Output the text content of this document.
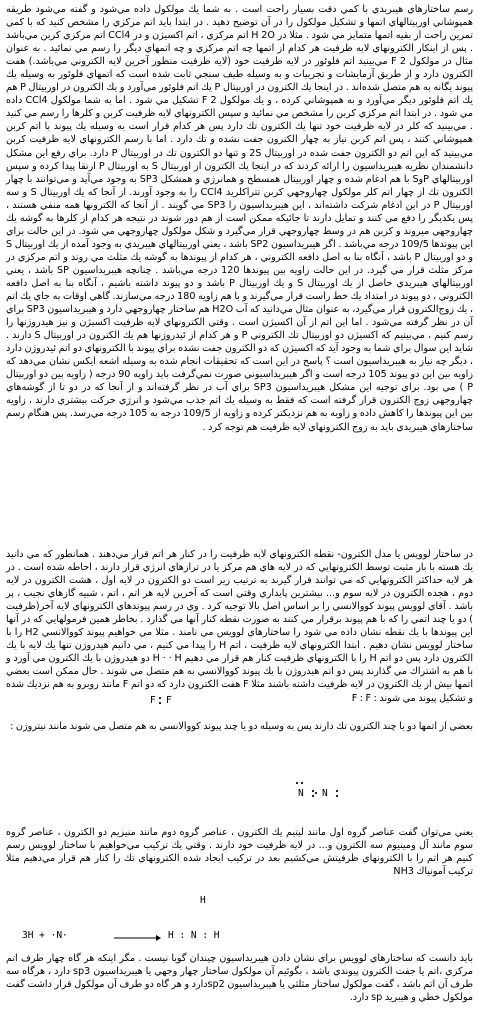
رسم ساختارهاي هيبريدي با كمي دقت بسيار راحت است . به شما يك مولكول داده مي‌شود و گفته مي‌شود طريقه همپوشاني اوربيتالهاي اتمها و تشكيل مولكول را در آن توضيح دهيد . در ابتدا بايد اتم مركزي را مشخص كنيد كه با كمي تمرين راحت از بقيه اتمها متمايز مي شود . مثلا در H 2O اتم مركزي ، اتم اكسيژن و در CCl4 اتم مركزي كربن مي‌باشد . پس از اينكار الكترونهاي لايه ظرفيت هر كدام از اتمها چه اتم مركزي و چه اتمهاي ديگر را رسم مي نمائيد . به عنوان مثال در مولكول F 2 مي‌بينيد اتم فلوئور در لايه ظرفيت خود (لايه ظرفيت منظور آخرين لايه الكتروني مي‌باشد.) هفت الكترون دارد و از طريق آزمايشات و تجربيات و به وسيله طيف سنجي ثابت شده است كه اتمهاي فلوئور به وسيله يك پيوند يگانه به هم متصل شده‌اند . در اينجا يك الكترون در اوربيتال P يك اتم فلوئور مي‌آورد و يك الكترون در اوربيتال P هم يك اتم فلوئور ديگر مي‌آورد و به همپوشاني كرده ، و يك مولكول F 2 تشكيل مي شود . اما به شما مولكول CCl4 داده مي شود . در ابتدا اتم مركزي كربن را مشخص مي نمائيد و سپس الكترونهاي لايه ظرفيت كربن و كلرها را رسم مي كنيد . مي‌بينيد كه كلر در لايه ظرفيت خود تنها يك الكترون تك دارد پس هر كدام قرار است به وسيله يك پيوند با اتم كربن همپوشاني كنند ، پس اتم كربن نياز به چهار الكترون جفت نشده و تك دارد . اما با رسم الكترونهاي لايه ظرفيت كربن مي‌بينيد كه اين اتم دو الكترون جفت شده در اوربيتال 2S و تنها دو الكترون تك در اوربيتال P دارد. براي رفع اين مشكل دانشمندان نظريه هيبريداسيون را ارائه كردند كه در اينجا يك الكترون از اوربيتال S به اوربيتال P ارتقا پيدا كرده و سپس اوربيتالهاي PوS با هم ادغام شده و چهار اوربيتال همسطح و همانرژي و همشكل SP3 به وجود مي‌آيد و مي‌توانند با چهار الكترون تك از چهار اتم كلر مولكول چهاروجهي كربن تتراكلريد CCl4 را به وجود آورند. از آنجا كه يك اوربيتال S و سه اوربيتال P در اين ادغام شركت داشته‌اند ، اين هيبريداسيون را SP3 مي گويند . از آنجا كه الكترونها همه منفي هستند ، پس يكديگر را دفع مي كنند و تمايل دارند تا جائيكه ممكن است از هم دور شوند در نتيجه هر كدام از كلرها به گوشه يك چهاروجهي ميروند و كربن هم در وسط چهاروجهي قرار مي‌گيرد و شكل مولكول چهاروجهي مي شود. در اين حالت براي اين پيوندها 109/5 درجه مي‌باشد . اگر هيبريداسيون SP2 باشد ، يعني اوربيتالهاي هيبريدي به وجود آمده از يك اوربيتال S و دو اوربيتال P باشد ، آنگاه بنا به اصل دافعه الكتروني ، هر كدام از پيوندها به گوشه يك مثلث مي روند و اتم مركزي در مركز مثلث قرار مي گيرد. در اين حالت زاويه بين پيوندها 120 درجه مي‌باشد . چنانچه هيبريداسيون SP باشد ، يعني اوربيتالهاي هيبريدي حاصل از يك اوربيتال S و يك اوربيتال P باشد و دو پيوند داشته باشيم ، آنگاه بنا به اصل دافعه الكتروني ، دو پيوند در امتداد يك خط راست قرار مي‌گيرند و با هم زاويه 180 درجه مي‌سازند. گاهي اوقات به جاي يك اتم ، يك زوج‌الكترون قرار مي‌گيرد، به عنوان مثال مي‌دانيد كه آب H2O هم ساختار چهاروجهي دارد و هيبريداسيون SP3 براي آن در نظر گرفته مي‌شود . اما اين اتم از آن اكسيژن است . وقتي الكترونهاي لايه ظرفيت اكسيژن و نيز هيدروژنها را رسم كنيم ، مي‌بينيم كه اكسيژن دو اوربيتال تك الكتروني P و هر كدام از ئيدروژنها هم يك الكترون در اوربيتال S دارند . شايد اين سوال براي شما به وجود آيد كه اكسيژن كه دو الكترون جفت نشده براي پيوند با الكترونهاي دو اتم ئيدروژن دارد ، ديگر چه نياز به هيبريداسيون است ؟ پاسخ در اين است كه تحقيقات انجام شده به وسيله اشعه ايكس نشان مي‌دهد كه زاويه بين اين دو پيوند 105 درجه است و اگر هيبريداسيوني صورت نمي‌گرفت بايد زاويه 90 درجه ( زاويه بين دو اوربيتال P ) مي بود. براي توجيه اين مشكل هيبريداسيون SP3 براي آب در نظر گرفته‌اند و از آنجا كه در دو تا از گوشه‌هاي چهاروجهي زوج الكترون قرار گرفته است كه فقط به وسيله يك اتم جذب مي‌شود و انرژي حركت بيشتري دارند ، زاويه بين اين پيوندها را كاهش داده و زاويه به هم نزديكتر كرده و زاويه از 109/5 درجه به 105 درجه مي‌رسد. پس هنگام رسم ساختارهاي هيبريدي بايد به زوج الكترونهاي لايه ظرفيت هم توجه كرد .

در ساختار لوويس يا مدل الكترون- نقطه الكترونهاي لايه ظرفيت را در كنار هر اتم قرار مي‌دهند . همانطور كه مي دانيد يك هسته با بار مثبت توسط الكترونهايي كه در لايه هاي هم مركز يا در ترازهاي انرژي قرار دارند ، احاطه شده است . در هر لايه حداكثر الكترونهايي كه مي توانند قرار گيرند به ترتيب زير است دو الكترون در لايه اول ، هشت الكترون در لايه دوم ، هجده الكترون در لايه سوم و... بيشترين پايداري وقتي است كه آخرين لايه هر اتم ، اتم ، شبيه گازهاي نجيب ، پر باشد . آقاي لوويس پيوند كووالانسي را بر اساس اصل بالا توجيه كرد . وي در رسم پيوندهاي الكترونهاي لايه آخر(ظرفيت ) دو يا چند اتمي را كه با هم پيوند برقرار مي كنند به صورت نقطه كنار آنها مي گذارد . بخاطر همين فرمولهايي كه در آنها اين پيوندها با يك نقطه نشان داده مي شود را ساختارهاي لوويس مي نامند . مثلا مي خواهيم پيوند كووالانسي H2 را با ساختار لوويس نشان دهيم . ابتدا الكترونهاي لايه ظرفيت ، اتم H را پيدا مي كنيم ، مي دانيم هيدروژن تنها يك لايه با يك الكترون دارد پس دو اتم H را با الكترونهاي ظرفيت كنار هم قرار مي دهيم H · · H دو هيدروژن با يك الكترون مي آورد و با هم به اشتراك مي گذارند پس دو اتم هيدروژن با يك پيوند كووالانسي به هم متصل مي شوند . حال ممكن است بعضي اتمها بيش از يك الكترون در لايه ظرفيت داشته باشند مثلا F هفت الكترون دارد كه دو اتم F مانند روبرو به هم نزديك شده و تشكيل پيوند مي شوند : F : F

F F

بعضي از اتمها دو يا چند الكترون تك دارند پس به وسيله دو يا چند پيوند كووالانسي به هم متصل مي شوند مانند نيتروژن :

N N

يعني مي‌توان گفت عناصر گروه اول مانند ليتيم يك الكترون ، عناصر گروه دوم مانند منيزيم دو الكترون ، عناصر گروه سوم مانند آل ومينيوم سه الكترون و... در لايه ظرفيت خود دارند . وقتي يك تركيب مي‌خواهيم با ساختار لوويس رسم كنيم هر اتم را با الكترونهاي ظرفيتش مي‌كشيم بعد در تركيب ايجاد شده الكترونهاي تك را كنار هم قرار مي‌دهيم مثلا تركيب آمونياك NH3

H
3H + ·N·	H : N : H

بايد دانست كه ساختارهاي لوويس براي نشان دادن هيبريداسيون چيندان گويا نيست . مگر اينكه هر گاه چهار طرف اتم مركزي ،اتم يا جفت الكترون پيوندي باشد ، بگوئيم آن مولكول ساختار چهار وجهي يا هيبريداسيون sp3 دارد ، هرگاه سه طرف آن اتم باشد ، گفت مولكول ساختار مثلثي يا هيبريداسيون sp2دارد و هر گاه دو طرف آن مولكول قرار داشت گفت مولكول خطي و هيبريد sp دارد.
